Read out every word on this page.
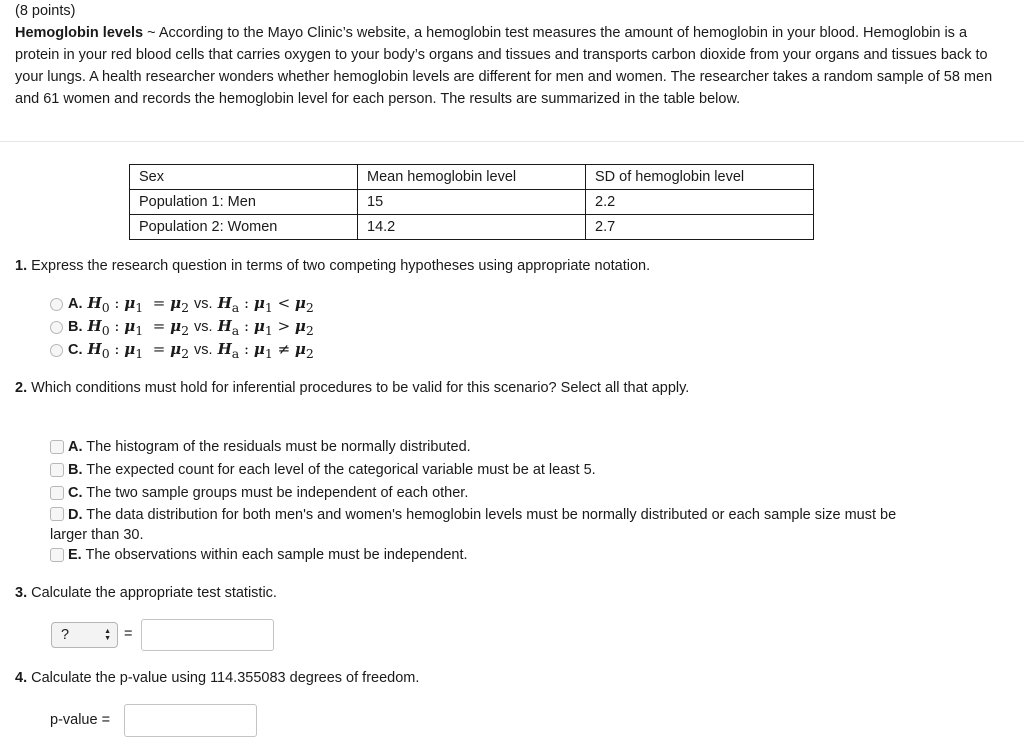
(8 points)
Hemoglobin levels ~ According to the Mayo Clinic’s website, a hemoglobin test measures the amount of hemoglobin in your blood. Hemoglobin is a protein in your red blood cells that carries oxygen to your body’s organs and tissues and transports carbon dioxide from your organs and tissues back to your lungs. A health researcher wonders whether hemoglobin levels are different for men and women. The researcher takes a random sample of 58 men and 61 women and records the hemoglobin level for each person. The results are summarized in the table below.
Sex	Mean hemoglobin level	SD of hemoglobin level
Population 1: Men	15	2.2
Population 2: Women	14.2	2.7
1. Express the research question in terms of two competing hypotheses using appropriate notation.
A. $H_0$ : $\mu_1 = \mu_2$ vs. $H_a$ : $\mu_1 < \mu_2$
B. $H_0$ : $\mu_1 = \mu_2$ vs. $H_a$ : $\mu_1 > \mu_2$
C. $H_0$ : $\mu_1 = \mu_2$ vs. $H_a$ : $\mu_1 \ne \mu_2$
2. Which conditions must hold for inferential procedures to be valid for this scenario? Select all that apply.
A. The histogram of the residuals must be normally distributed.
B. The expected count for each level of the categorical variable must be at least 5.
C. The two sample groups must be independent of each other.
D. The data distribution for both men's and women's hemoglobin levels must be normally distributed or each sample size must be larger than 30.
E. The observations within each sample must be independent.
3. Calculate the appropriate test statistic.
?	▲
▼ =
4. Calculate the p-value using 114.355083 degrees of freedom.
p-value =
